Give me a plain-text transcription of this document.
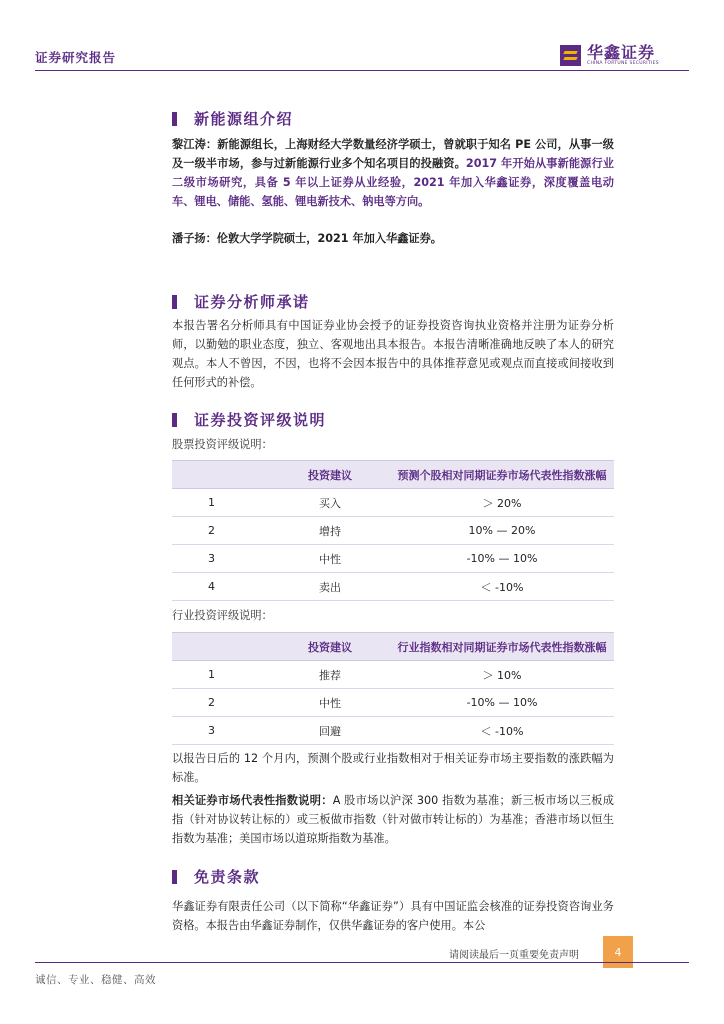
证券研究报告	华鑫证券
CHINA FORTUNE SECURITIES
新能源组介绍

黎江涛：新能源组长，上海财经大学数量经济学硕士，曾就职于知名 PE 公司，从事一级及一级半市场，参与过新能源行业多个知名项目的投融资。2017 年开始从事新能源行业二级市场研究，具备 5 年以上证券从业经验，2021 年加入华鑫证券，深度覆盖电动车、锂电、储能、氢能、锂电新技术、钠电等方向。

潘子扬：伦敦大学学院硕士，2021 年加入华鑫证券。

证券分析师承诺

本报告署名分析师具有中国证券业协会授予的证券投资咨询执业资格并注册为证券分析师，以勤勉的职业态度，独立、客观地出具本报告。本报告清晰准确地反映了本人的研究观点。本人不曾因，不因，也将不会因本报告中的具体推荐意见或观点而直接或间接收到任何形式的补偿。

证券投资评级说明
股票投资评级说明：
	投资建议	预测个股相对同期证券市场代表性指数涨幅
1	买入	＞ 20%
2	增持	10% — 20%
3	中性	-10% — 10%
4	卖出	＜ -10%
行业投资评级说明：
	投资建议	行业指数相对同期证券市场代表性指数涨幅
1	推荐	＞ 10%
2	中性	-10% — 10%
3	回避	＜ -10%

以报告日后的 12 个月内，预测个股或行业指数相对于相关证券市场主要指数的涨跌幅为标准。

相关证券市场代表性指数说明：A 股市场以沪深 300 指数为基准；新三板市场以三板成指（针对协议转让标的）或三板做市指数（针对做市转让标的）为基准；香港市场以恒生指数为基准；美国市场以道琼斯指数为基准。

免责条款

华鑫证券有限责任公司（以下简称“华鑫证券”）具有中国证监会核准的证券投资咨询业务资格。本报告由华鑫证券制作，仅供华鑫证券的客户使用。本公

请阅读最后一页重要免责声明	4
诚信、专业、稳健、高效
